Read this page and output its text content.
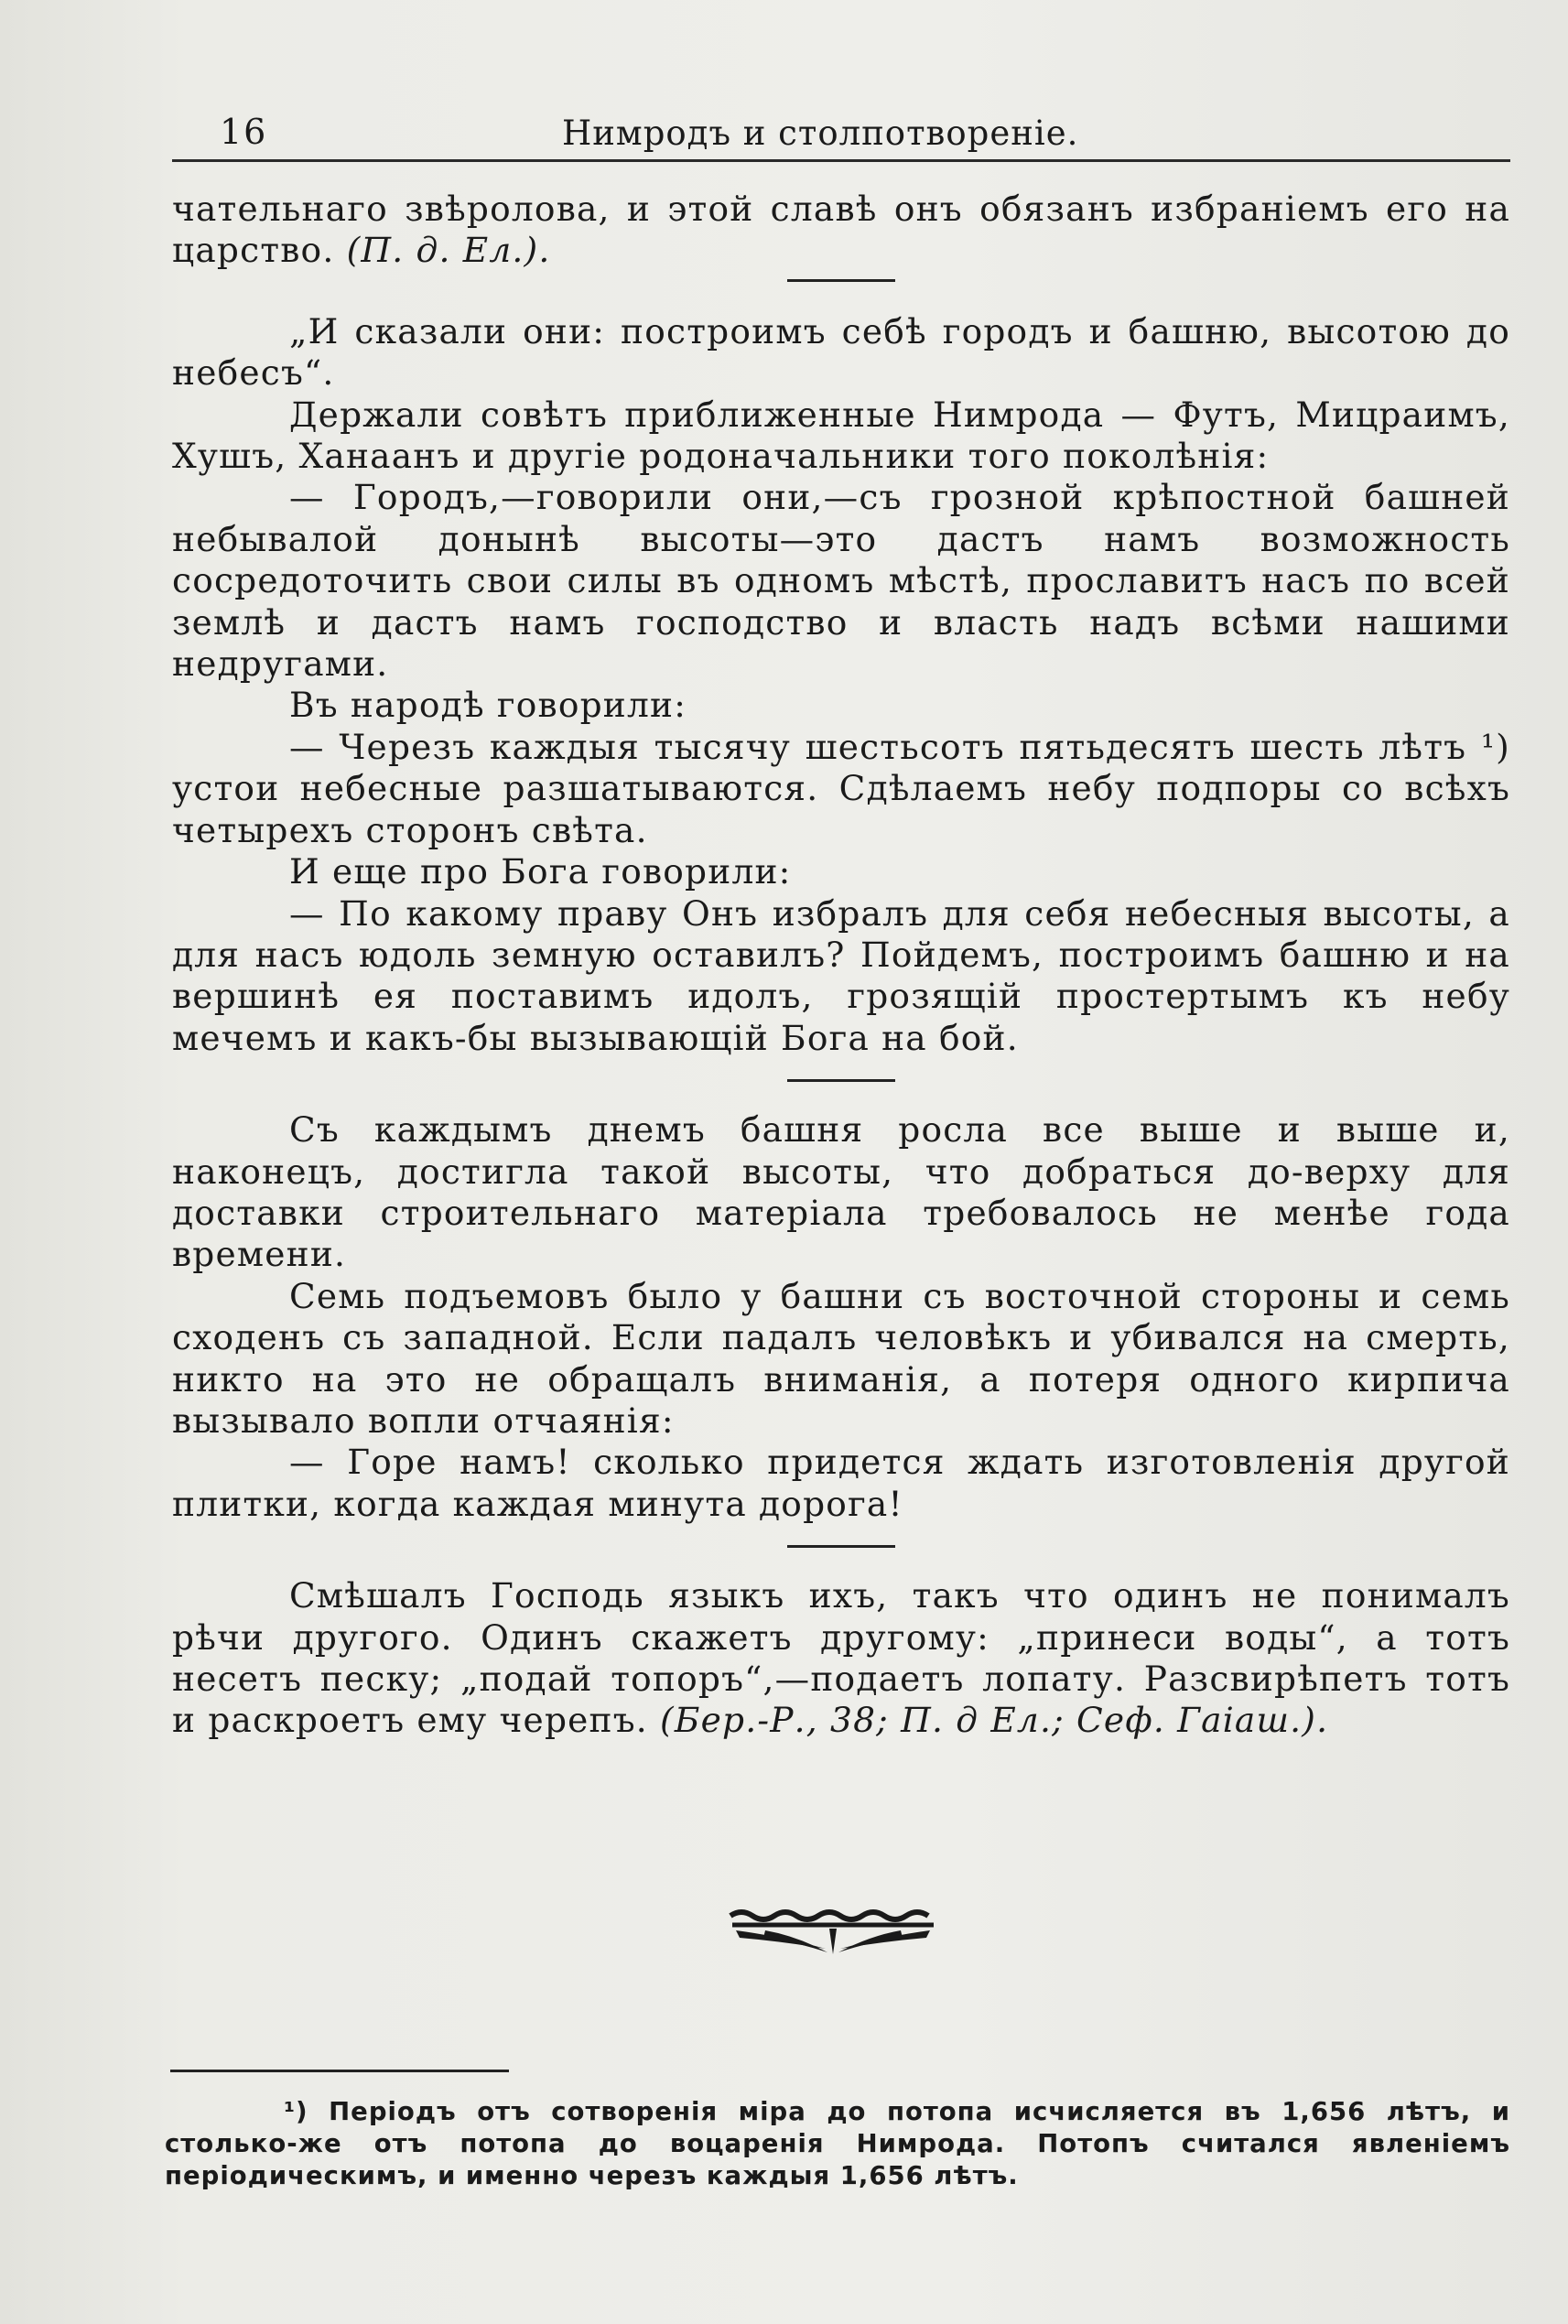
16	Нимродъ и столпотвореніе.

чательнаго звѣролова, и этой славѣ онъ обязанъ избраніемъ его на царство. (П. д. Ел.).

„И сказали они: построимъ себѣ городъ и башню, высотою до небесъ“.

Держали совѣтъ приближенные Нимрода — Футъ, Мицраимъ, Хушъ, Ханаанъ и другіе родоначальники того поколѣнія:

— Городъ,—говорили они,—съ грозной крѣпостной башней небывалой донынѣ высоты—это дастъ намъ возможность сосредоточить свои силы въ одномъ мѣстѣ, прославитъ насъ по всей землѣ и дастъ намъ господство и власть надъ всѣми нашими недругами.

Въ народѣ говорили:

— Черезъ каждыя тысячу шестьсотъ пятьдесятъ шесть лѣтъ ¹) устои небесные разшатываются. Сдѣлаемъ небу подпоры со всѣхъ четырехъ сторонъ свѣта.

И еще про Бога говорили:

— По какому праву Онъ избралъ для себя небесныя высоты, а для насъ юдоль земную оставилъ? Пойдемъ, построимъ башню и на вершинѣ ея поставимъ идолъ, грозящій простертымъ къ небу мечемъ и какъ-бы вызывающій Бога на бой.

Съ каждымъ днемъ башня росла все выше и выше и, наконецъ, достигла такой высоты, что добраться до-верху для доставки строительнаго матеріала требовалось не менѣе года времени.

Семь подъемовъ было у башни съ восточной стороны и семь сходенъ съ западной. Если падалъ человѣкъ и убивался на смерть, никто на это не обращалъ вниманія, а потеря одного кирпича вызывало вопли отчаянія:

— Горе намъ! сколько придется ждать изготовленія другой плитки, когда каждая минута дорога!

Смѣшалъ Господь языкъ ихъ, такъ что одинъ не понималъ рѣчи другого. Одинъ скажетъ другому: „принеси воды“, а тотъ несетъ песку; „подай топоръ“,—подаетъ лопату. Разсвирѣпетъ тотъ и раскроетъ ему черепъ. (Бер.-Р., 38; П. д Ел.; Сеф. Гаіаш.).

¹) Періодъ отъ сотворенія міра до потопа исчисляется въ 1,656 лѣтъ, и столько-же отъ потопа до воцаренія Нимрода. Потопъ считался явленіемъ періодическимъ, и именно черезъ каждыя 1,656 лѣтъ.
